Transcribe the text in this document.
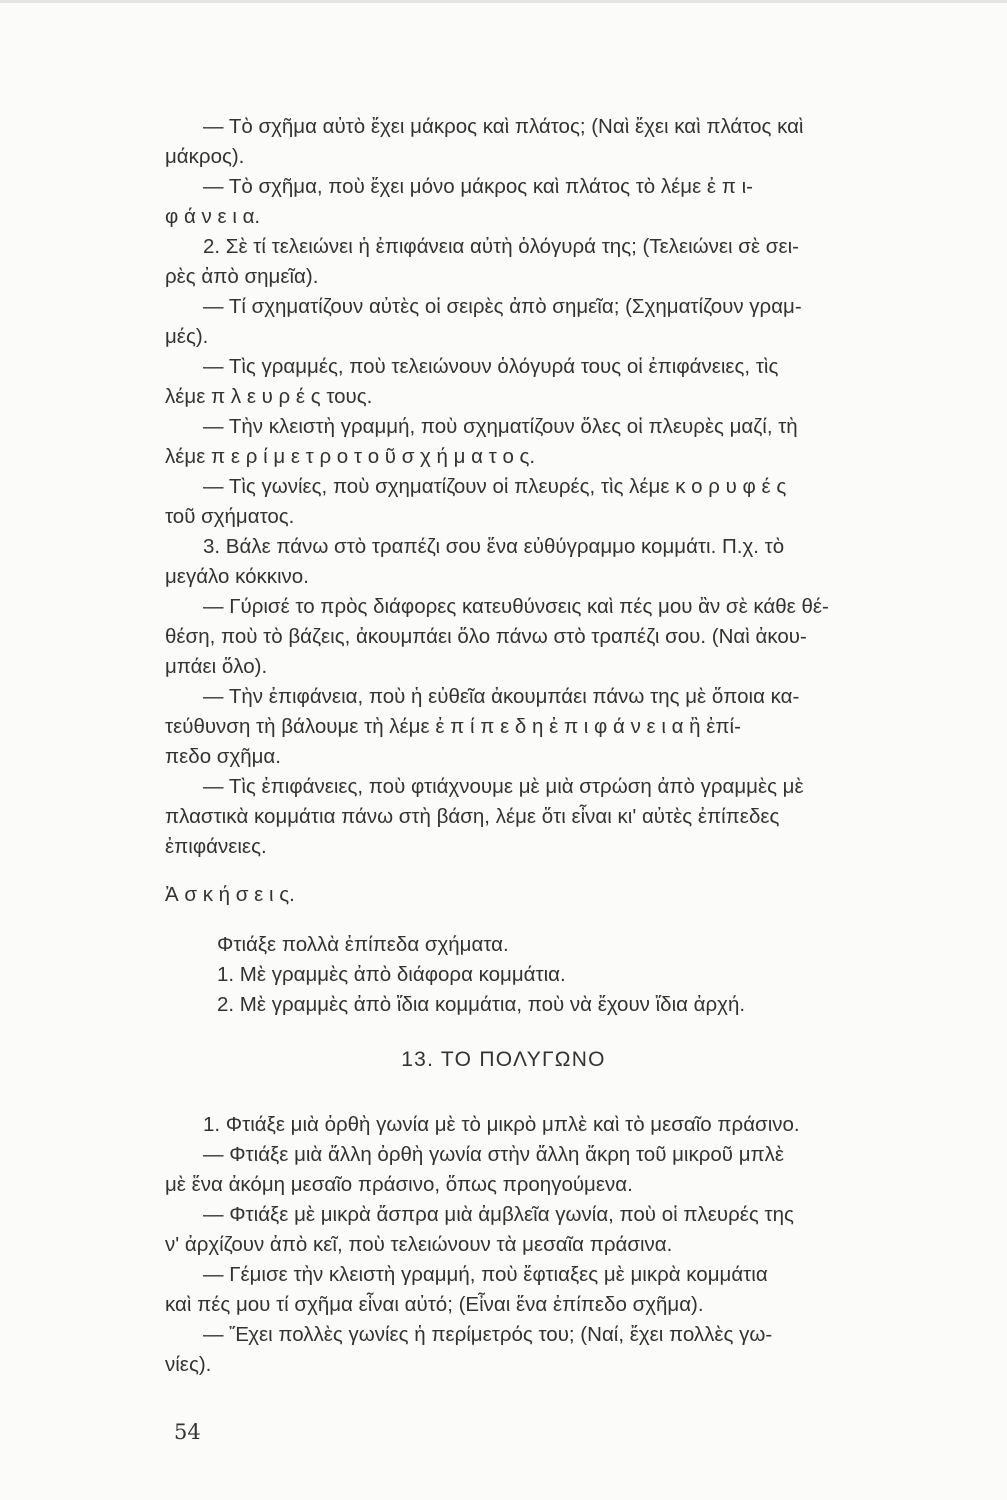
— Τὸ σχῆμα αὐτὸ ἔχει μάκρος καὶ πλάτος; (Ναὶ ἔχει καὶ πλάτος καὶ
μάκρος).
— Τὸ σχῆμα, ποὺ ἔχει μόνο μάκρος καὶ πλάτος τὸ λέμε ἐ π ι-
φ ά ν ε ι α.
2. Σὲ τί τελειώνει ἡ ἐπιφάνεια αὐτὴ ὁλόγυρά της; (Τελειώνει σὲ σει-
ρὲς ἀπὸ σημεῖα).
— Τί σχηματίζουν αὐτὲς οἱ σειρὲς ἀπὸ σημεῖα; (Σχηματίζουν γραμ-
μές).
— Τὶς γραμμές, ποὺ τελειώνουν ὁλόγυρά τους οἱ ἐπιφάνειες, τὶς
λέμε π λ ε υ ρ έ ς τους.
— Τὴν κλειστὴ γραμμή, ποὺ σχηματίζουν ὅλες οἱ πλευρὲς μαζί, τὴ
λέμε π ε ρ ί μ ε τ ρ ο τ ο ῦ σ χ ή μ α τ ο ς.
— Τὶς γωνίες, ποὺ σχηματίζουν οἱ πλευρές, τὶς λέμε κ ο ρ υ φ έ ς
τοῦ σχήματος.
3. Βάλε πάνω στὸ τραπέζι σου ἕνα εὐθύγραμμο κομμάτι. Π.χ. τὸ
μεγάλο κόκκινο.
— Γύρισέ το πρὸς διάφορες κατευθύνσεις καὶ πές μου ἂν σὲ κάθε θέ-
θέση, ποὺ τὸ βάζεις, ἀκουμπάει ὅλο πάνω στὸ τραπέζι σου. (Ναὶ ἀκου-
μπάει ὅλο).
— Τὴν ἐπιφάνεια, ποὺ ἡ εὐθεῖα ἀκουμπάει πάνω της μὲ ὅποια κα-
τεύθυνση τὴ βάλουμε τὴ λέμε ἐ π ί π ε δ η ἐ π ι φ ά ν ε ι α ἢ ἐπί-
πεδο σχῆμα.
— Τὶς ἐπιφάνειες, ποὺ φτιάχνουμε μὲ μιὰ στρώση ἀπὸ γραμμὲς μὲ
πλαστικὰ κομμάτια πάνω στὴ βάση, λέμε ὅτι εἶναι κι' αὐτὲς ἐπίπεδες
ἐπιφάνειες.
Ἀ σ κ ή σ ε ι ς.
Φτιάξε πολλὰ ἐπίπεδα σχήματα.
1. Μὲ γραμμὲς ἀπὸ διάφορα κομμάτια.
2. Μὲ γραμμὲς ἀπὸ ἴδια κομμάτια, ποὺ νὰ ἔχουν ἴδια ἀρχή.
13. ΤΟ ΠΟΛΥΓΩΝΟ
1. Φτιάξε μιὰ ὀρθὴ γωνία μὲ τὸ μικρὸ μπλὲ καὶ τὸ μεσαῖο πράσινο.
— Φτιάξε μιὰ ἄλλη ὀρθὴ γωνία στὴν ἄλλη ἄκρη τοῦ μικροῦ μπλὲ
μὲ ἕνα ἀκόμη μεσαῖο πράσινο, ὅπως προηγούμενα.
— Φτιάξε μὲ μικρὰ ἄσπρα μιὰ ἀμβλεῖα γωνία, ποὺ οἱ πλευρές της
ν' ἀρχίζουν ἀπὸ κεῖ, ποὺ τελειώνουν τὰ μεσαῖα πράσινα.
— Γέμισε τὴν κλειστὴ γραμμή, ποὺ ἔφτιαξες μὲ μικρὰ κομμάτια
καὶ πές μου τί σχῆμα εἶναι αὐτό; (Εἶναι ἕνα ἐπίπεδο σχῆμα).
— Ἔχει πολλὲς γωνίες ἡ περίμετρός του; (Ναί, ἔχει πολλὲς γω-
νίες).
54
